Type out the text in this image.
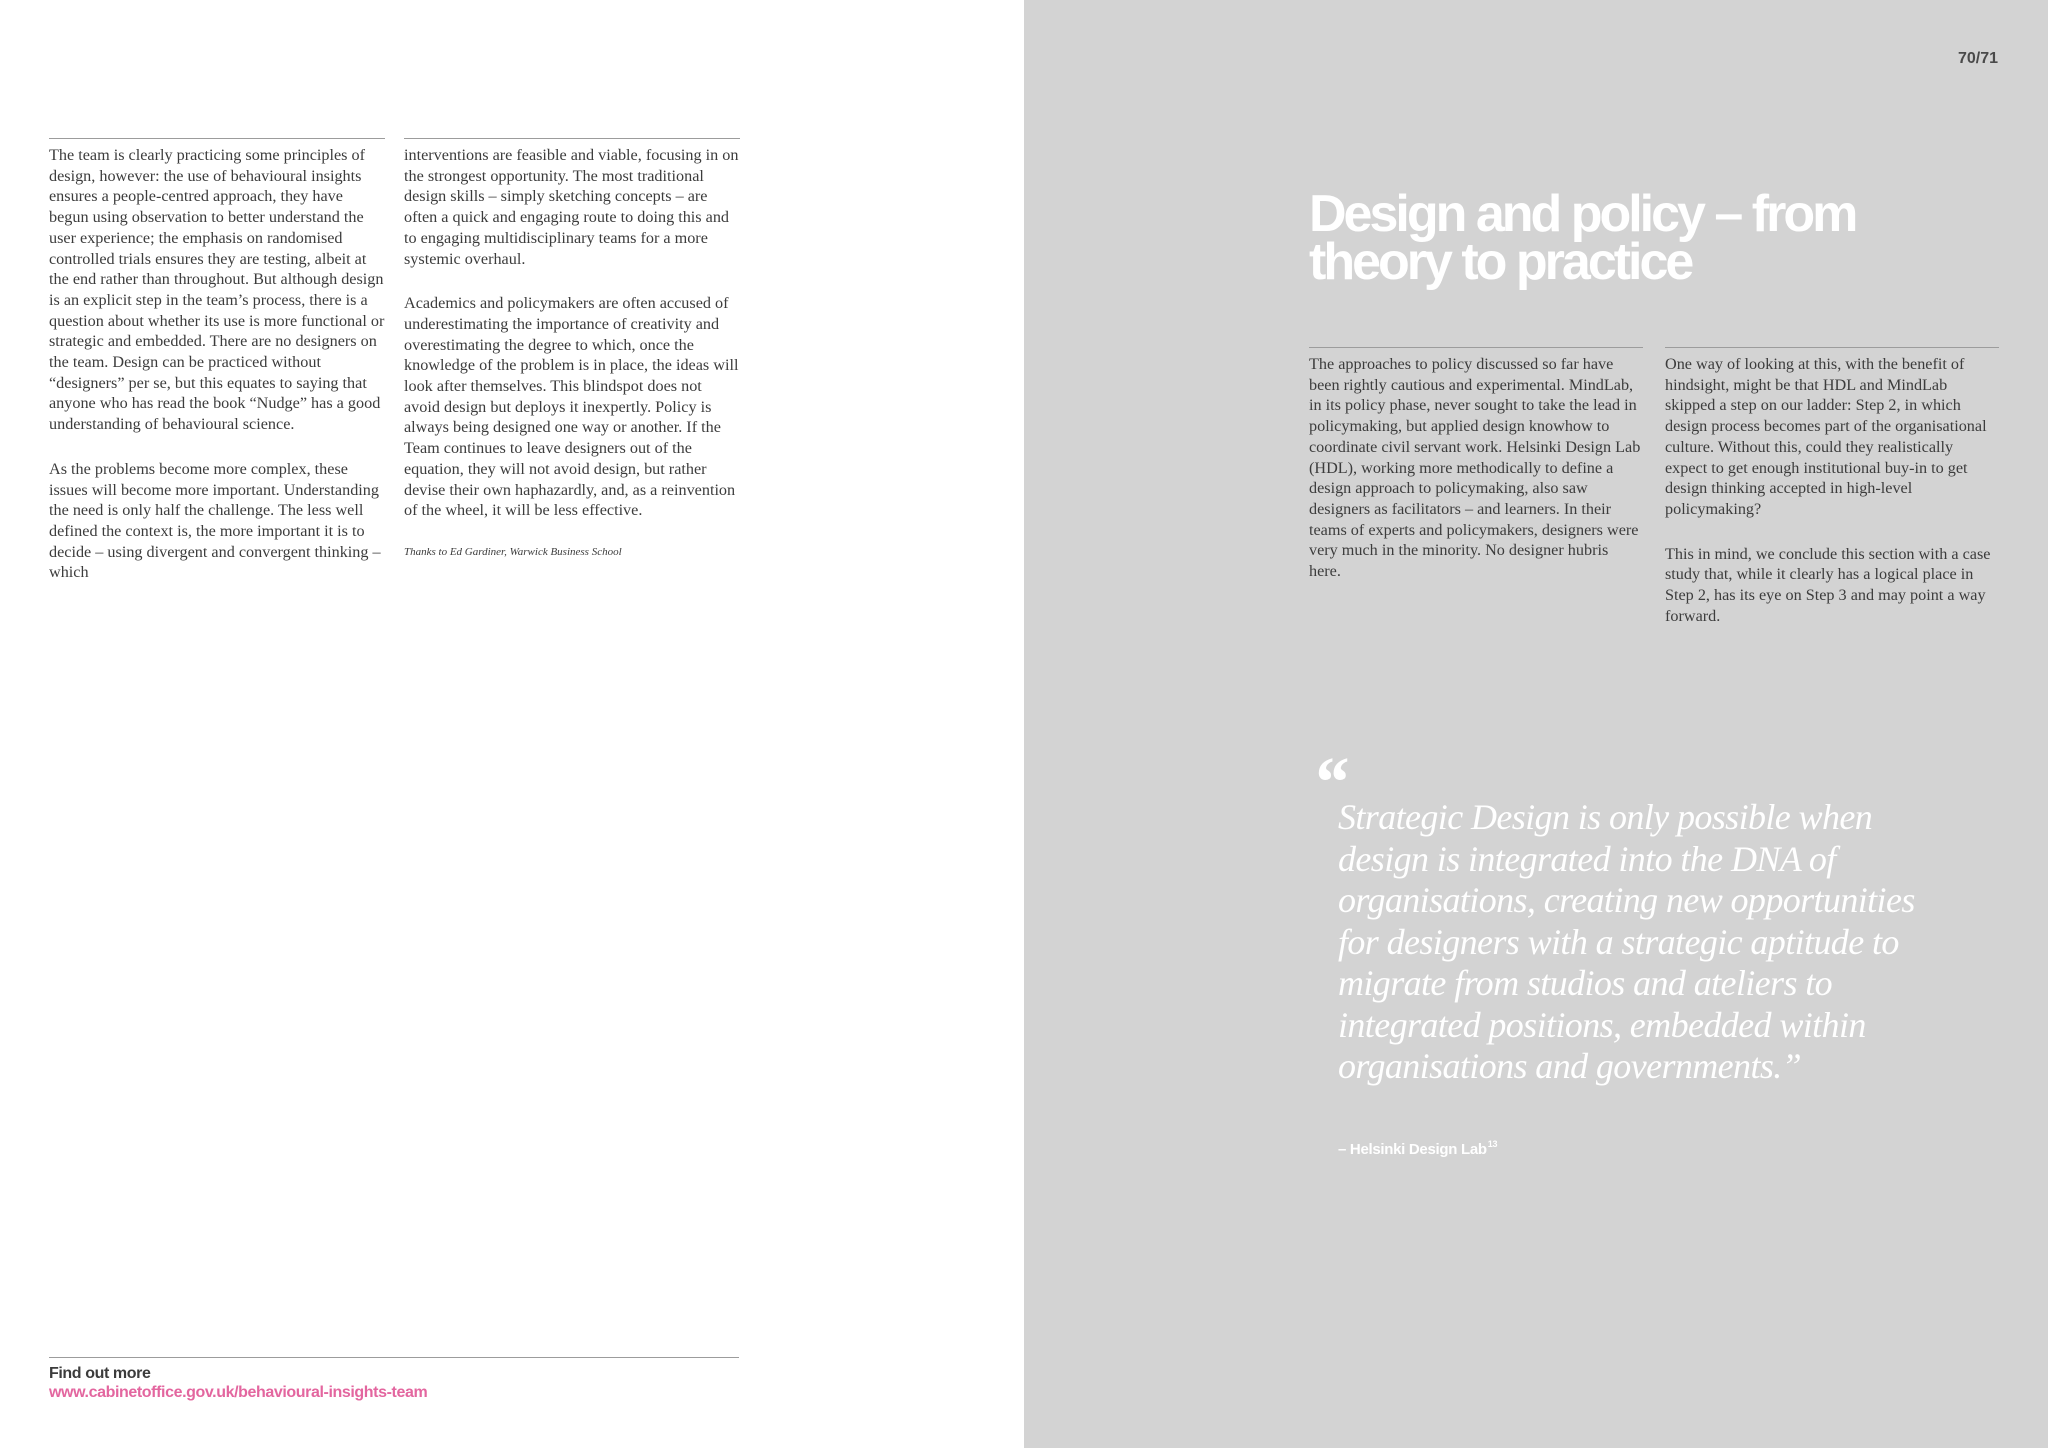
The team is clearly practicing some principles of design, however: the use of behavioural insights ensures a people-centred approach, they have begun using observation to better understand the user experience; the emphasis on randomised controlled trials ensures they are testing, albeit at the end rather than throughout. But although design is an explicit step in the team’s process, there is a question about whether its use is more functional or strategic and embedded. There are no designers on the team. Design can be practiced without “designers” per se, but this equates to saying that anyone who has read the book “Nudge” has a good understanding of behavioural science.

As the problems become more complex, these issues will become more important. Understanding the need is only half the challenge. The less well defined the context is, the more important it is to decide – using divergent and convergent thinking – which

interventions are feasible and viable, focusing in on the strongest opportunity. The most traditional design skills – simply sketching concepts – are often a quick and engaging route to doing this and to engaging multidisciplinary teams for a more systemic overhaul.

Academics and policymakers are often accused of underestimating the importance of creativity and overestimating the degree to which, once the knowledge of the problem is in place, the ideas will look after themselves. This blindspot does not avoid design but deploys it inexpertly. Policy is always being designed one way or another. If the Team continues to leave designers out of the equation, they will not avoid design, but rather devise their own haphazardly, and, as a reinvention of the wheel, it will be less effective.

Thanks to Ed Gardiner, Warwick Business School

Find out more
www.cabinetoffice.gov.uk/behavioural-insights-team
70/71
Design and policy – from theory to practice

The approaches to policy discussed so far have been rightly cautious and experimental. MindLab, in its policy phase, never sought to take the lead in policymaking, but applied design knowhow to coordinate civil servant work. Helsinki Design Lab (HDL), working more methodically to define a design approach to policymaking, also saw designers as facilitators – and learners. In their teams of experts and policymakers, designers were very much in the minority. No designer hubris here.

One way of looking at this, with the benefit of hindsight, might be that HDL and MindLab skipped a step on our ladder: Step 2, in which design process becomes part of the organisational culture. Without this, could they realistically expect to get enough institutional buy-in to get design thinking accepted in high-level policymaking?

This in mind, we conclude this section with a case study that, while it clearly has a logical place in Step 2, has its eye on Step 3 and may point a way forward.

“
Strategic Design is only possible when design is integrated into the DNA of organisations, creating new opportunities for designers with a strategic aptitude to migrate from studios and ateliers to integrated positions, embedded within organisations and governments.”
– Helsinki Design Lab$^{13}$
